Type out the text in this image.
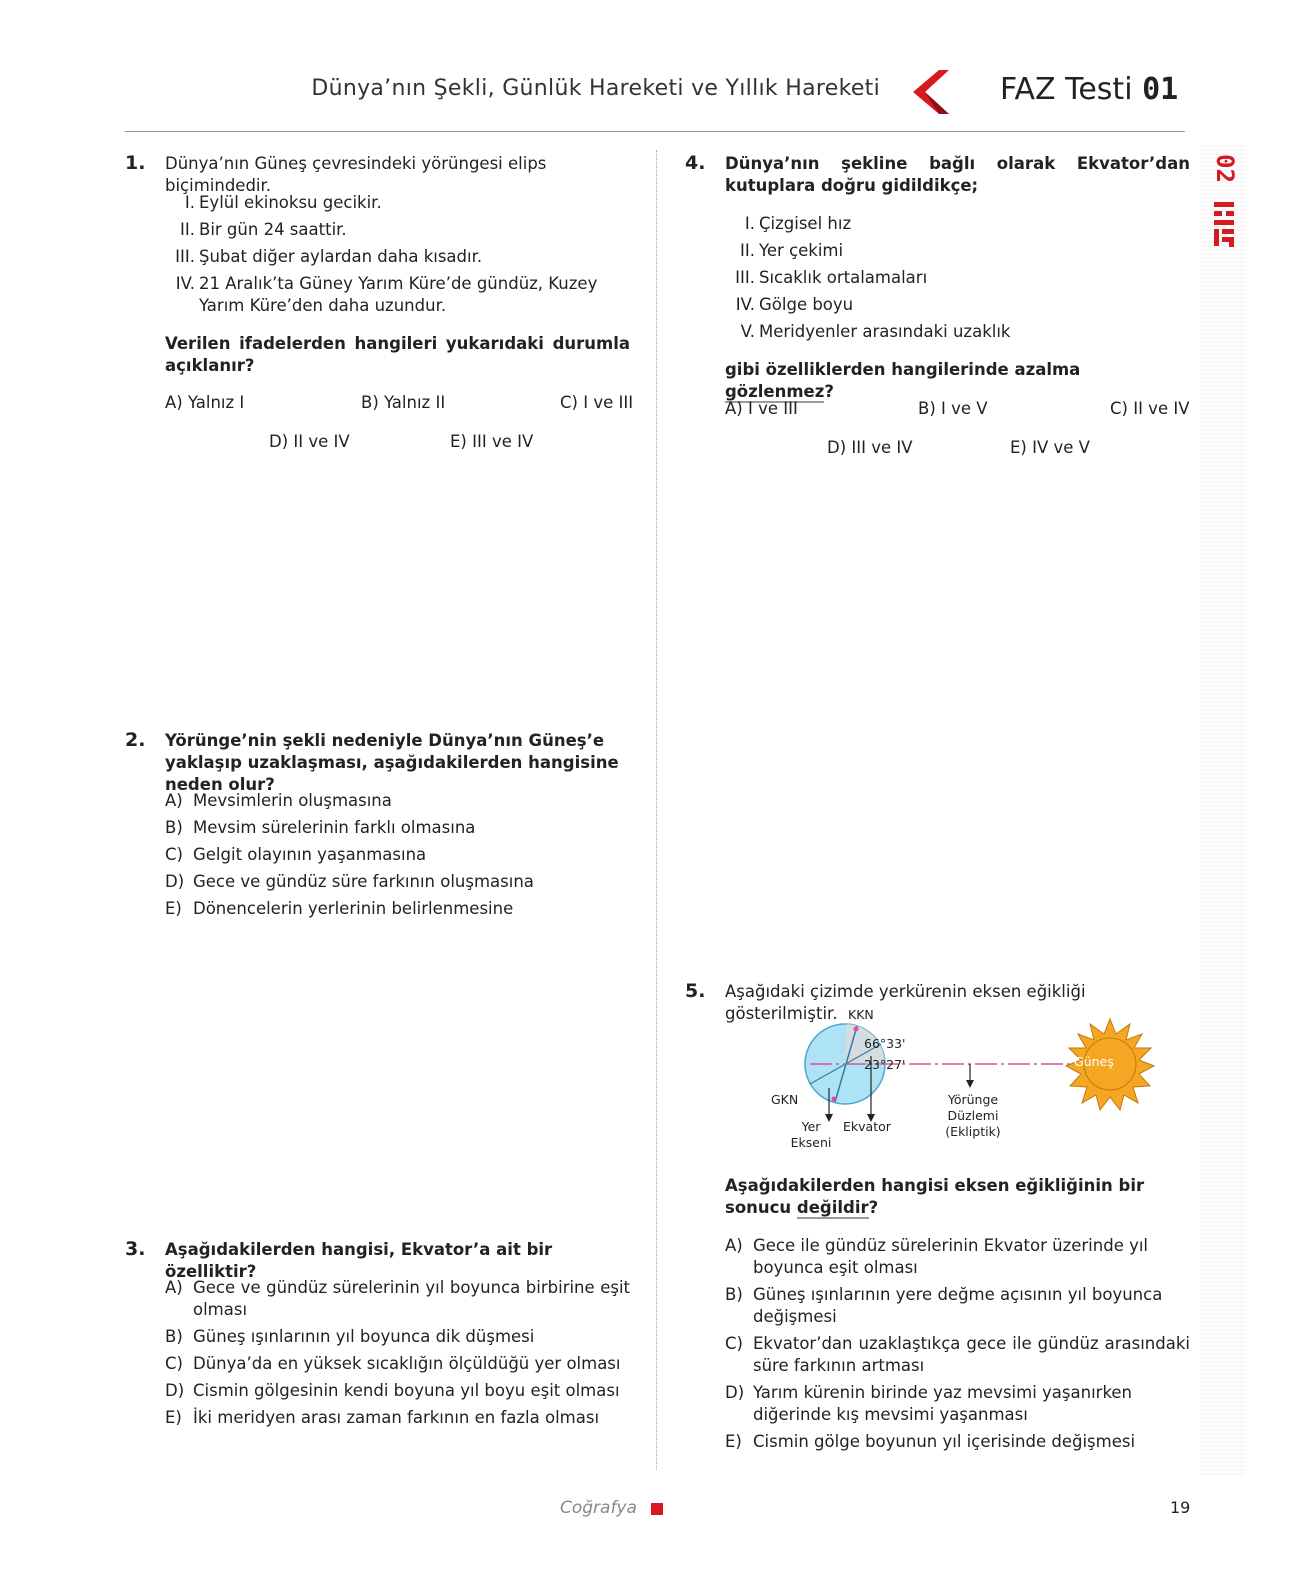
Dünya’nın Şekli, Günlük Hareketi ve Yıllık Hareketi	FAZ Testi 01
02
1. Dünya’nın Güneş çevresindeki yörüngesi elips biçimindedir.
I. Eylül ekinoksu gecikir.
II. Bir gün 24 saattir.
III. Şubat diğer aylardan daha kısadır.
IV. 21 Aralık’ta Güney Yarım Küre’de gündüz, Kuzey Yarım Küre’den daha uzundur.
Verilen ifadelerden hangileri yukarıdaki durumla açıklanır?
A) Yalnız I	B) Yalnız II	C) I ve III
D) II ve IV	E) III ve IV
2. Yörünge’nin şekli nedeniyle Dünya’nın Güneş’e yaklaşıp uzaklaşması, aşağıdakilerden hangisine neden olur?
A) Mevsimlerin oluşmasına
B) Mevsim sürelerinin farklı olmasına
C) Gelgit olayının yaşanmasına
D) Gece ve gündüz süre farkının oluşmasına
E) Dönencelerin yerlerinin belirlenmesine
3. Aşağıdakilerden hangisi, Ekvator’a ait bir özelliktir?
A) Gece ve gündüz sürelerinin yıl boyunca birbirine eşit olması
B) Güneş ışınlarının yıl boyunca dik düşmesi
C) Dünya’da en yüksek sıcaklığın ölçüldüğü yer olması
D) Cismin gölgesinin kendi boyuna yıl boyu eşit olması
E) İki meridyen arası zaman farkının en fazla olması
4. Dünya’nın şekline bağlı olarak Ekvator’dan kutuplara doğru gidildikçe;
I. Çizgisel hız
II. Yer çekimi
III. Sıcaklık ortalamaları
IV. Gölge boyu
V. Meridyenler arasındaki uzaklık
gibi özelliklerden hangilerinde azalma gözlenmez?
A) I ve III	B) I ve V	C) II ve IV
D) III ve IV	E) IV ve V
5. Aşağıdaki çizimde yerkürenin eksen eğikliği gösterilmiştir. KKN
GKN
66°33ꞌ
23°27ꞌ	Güneş
Yer
Ekseni
Ekvator
Yörünge
Düzlemi
(Ekliptik)
Aşağıdakilerden hangisi eksen eğikliğinin bir sonucu değildir?
A) Gece ile gündüz sürelerinin Ekvator üzerinde yıl boyunca eşit olması
B) Güneş ışınlarının yere değme açısının yıl boyunca değişmesi
C) Ekvator’dan uzaklaştıkça gece ile gündüz arasındaki süre farkının artması
D) Yarım kürenin birinde yaz mevsimi yaşanırken diğerinde kış mevsimi yaşanması
E) Cismin gölge boyunun yıl içerisinde değişmesi
Coğrafya	19
